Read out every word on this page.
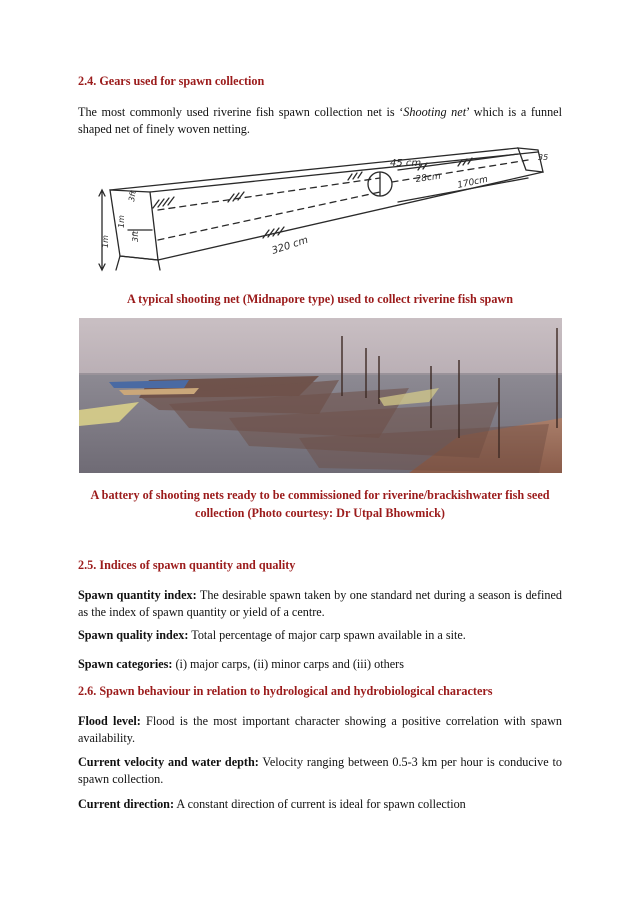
2.4. Gears used for spawn collection

The most commonly used riverine fish spawn collection net is ‘Shooting net’ which is a funnel shaped net of finely woven netting.

45 cm
28cm 170cm
320 cm
35
3ft
1m
1m
3ft

A typical shooting net (Midnapore type) used to collect riverine fish spawn

A battery of shooting nets ready to be commissioned for riverine/brackishwater fish seed collection (Photo courtesy: Dr Utpal Bhowmick)

2.5. Indices of spawn quantity and quality

Spawn quantity index: The desirable spawn taken by one standard net during a season is defined as the index of spawn quantity or yield of a centre.

Spawn quality index: Total percentage of major carp spawn available in a site.

Spawn categories: (i) major carps, (ii) minor carps and (iii) others

2.6. Spawn behaviour in relation to hydrological and hydrobiological characters

Flood level: Flood is the most important character showing a positive correlation with spawn availability.

Current velocity and water depth: Velocity ranging between 0.5-3 km per hour is conducive to spawn collection.

Current direction: A constant direction of current is ideal for spawn collection
